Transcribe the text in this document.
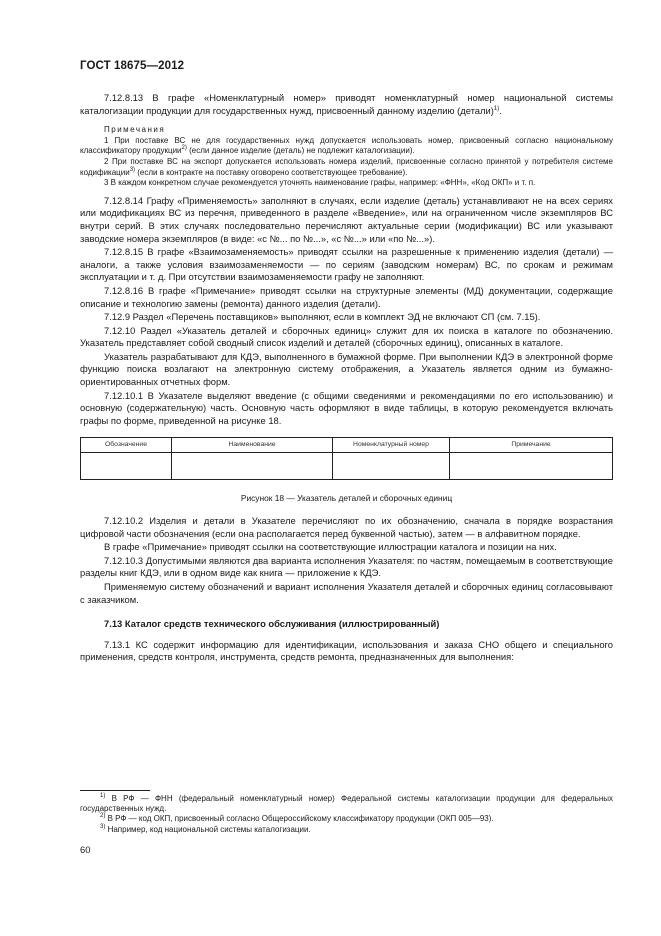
ГОСТ 18675—2012

7.12.8.13 В графе «Номенклатурный номер» приводят номенклатурный номер национальной системы каталогизации продукции для государственных нужд, присвоенный данному изделию (детали)$^{1)}$.

Примечания

1 При поставке ВС не для государственных нужд допускается использовать номер, присвоенный согласно национальному классификатору продукции$^{2)}$ (если данное изделие (деталь) не подлежит каталогизации).

2 При поставке ВС на экспорт допускается использовать номера изделий, присвоенные согласно принятой у потребителя системе кодификации$^{3)}$ (если в контракте на поставку оговорено соответствующее требование).

3 В каждом конкретном случае рекомендуется уточнять наименование графы, например: «ФНН», «Код ОКП» и т. п.

7.12.8.14 Графу «Применяемость» заполняют в случаях, если изделие (деталь) устанавливают не на всех сериях или модификациях ВС из перечня, приведенного в разделе «Введение», или на ограниченном числе экземпляров ВС внутри серий. В этих случаях последовательно перечисляют актуальные серии (модификации) ВС или указывают заводские номера экземпляров (в виде: «с №... по №...», «с №...» или «по №...»).

7.12.8.15 В графе «Взаимозаменяемость» приводят ссылки на разрешенные к применению изделия (детали) — аналоги, а также условия взаимозаменяемости — по сериям (заводским номерам) ВС, по срокам и режимам эксплуатации и т. д. При отсутствии взаимозаменяемости графу не заполняют.

7.12.8.16 В графе «Примечание» приводят ссылки на структурные элементы (МД) документации, содержащие описание и технологию замены (ремонта) данного изделия (детали).

7.12.9 Раздел «Перечень поставщиков» выполняют, если в комплект ЭД не включают СП (см. 7.15).

7.12.10 Раздел «Указатель деталей и сборочных единиц» служит для их поиска в каталоге по обозначению. Указатель представляет собой сводный список изделий и деталей (сборочных единиц), описанных в каталоге.

Указатель разрабатывают для КДЭ, выполненного в бумажной форме. При выполнении КДЭ в электронной форме функцию поиска возлагают на электронную систему отображения, а Указатель является одним из бумажно-ориентированных отчетных форм.

7.12.10.1 В Указателе выделяют введение (с общими сведениями и рекомендациями по его использованию) и основную (содержательную) часть. Основную часть оформляют в виде таблицы, в которую рекомендуется включать графы по форме, приведенной на рисунке 18.

Обозначение	Наименование	Номенклатурный номер	Примечание

Рисунок 18 — Указатель деталей и сборочных единиц

7.12.10.2 Изделия и детали в Указателе перечисляют по их обозначению, сначала в порядке возрастания цифровой части обозначения (если она располагается перед буквенной частью), затем — в алфавитном порядке.

В графе «Примечание» приводят ссылки на соответствующие иллюстрации каталога и позиции на них.

7.12.10.3 Допустимыми являются два варианта исполнения Указателя: по частям, помещаемым в соответствующие разделы книг КДЭ, или в одном виде как книга — приложение к КДЭ.

Применяемую систему обозначений и вариант исполнения Указателя деталей и сборочных единиц согласовывают с заказчиком.

7.13 Каталог средств технического обслуживания (иллюстрированный)

7.13.1 КС содержит информацию для идентификации, использования и заказа СНО общего и специального применения, средств контроля, инструмента, средств ремонта, предназначенных для выполнения:

$^{1)}$ В РФ — ФНН (федеральный номенклатурный номер) Федеральной системы каталогизации продукции для федеральных государственных нужд.

$^{2)}$ В РФ — код ОКП, присвоенный согласно Общероссийскому классификатору продукции (ОКП 005—93).

$^{3)}$ Например, код национальной системы каталогизации.

60
